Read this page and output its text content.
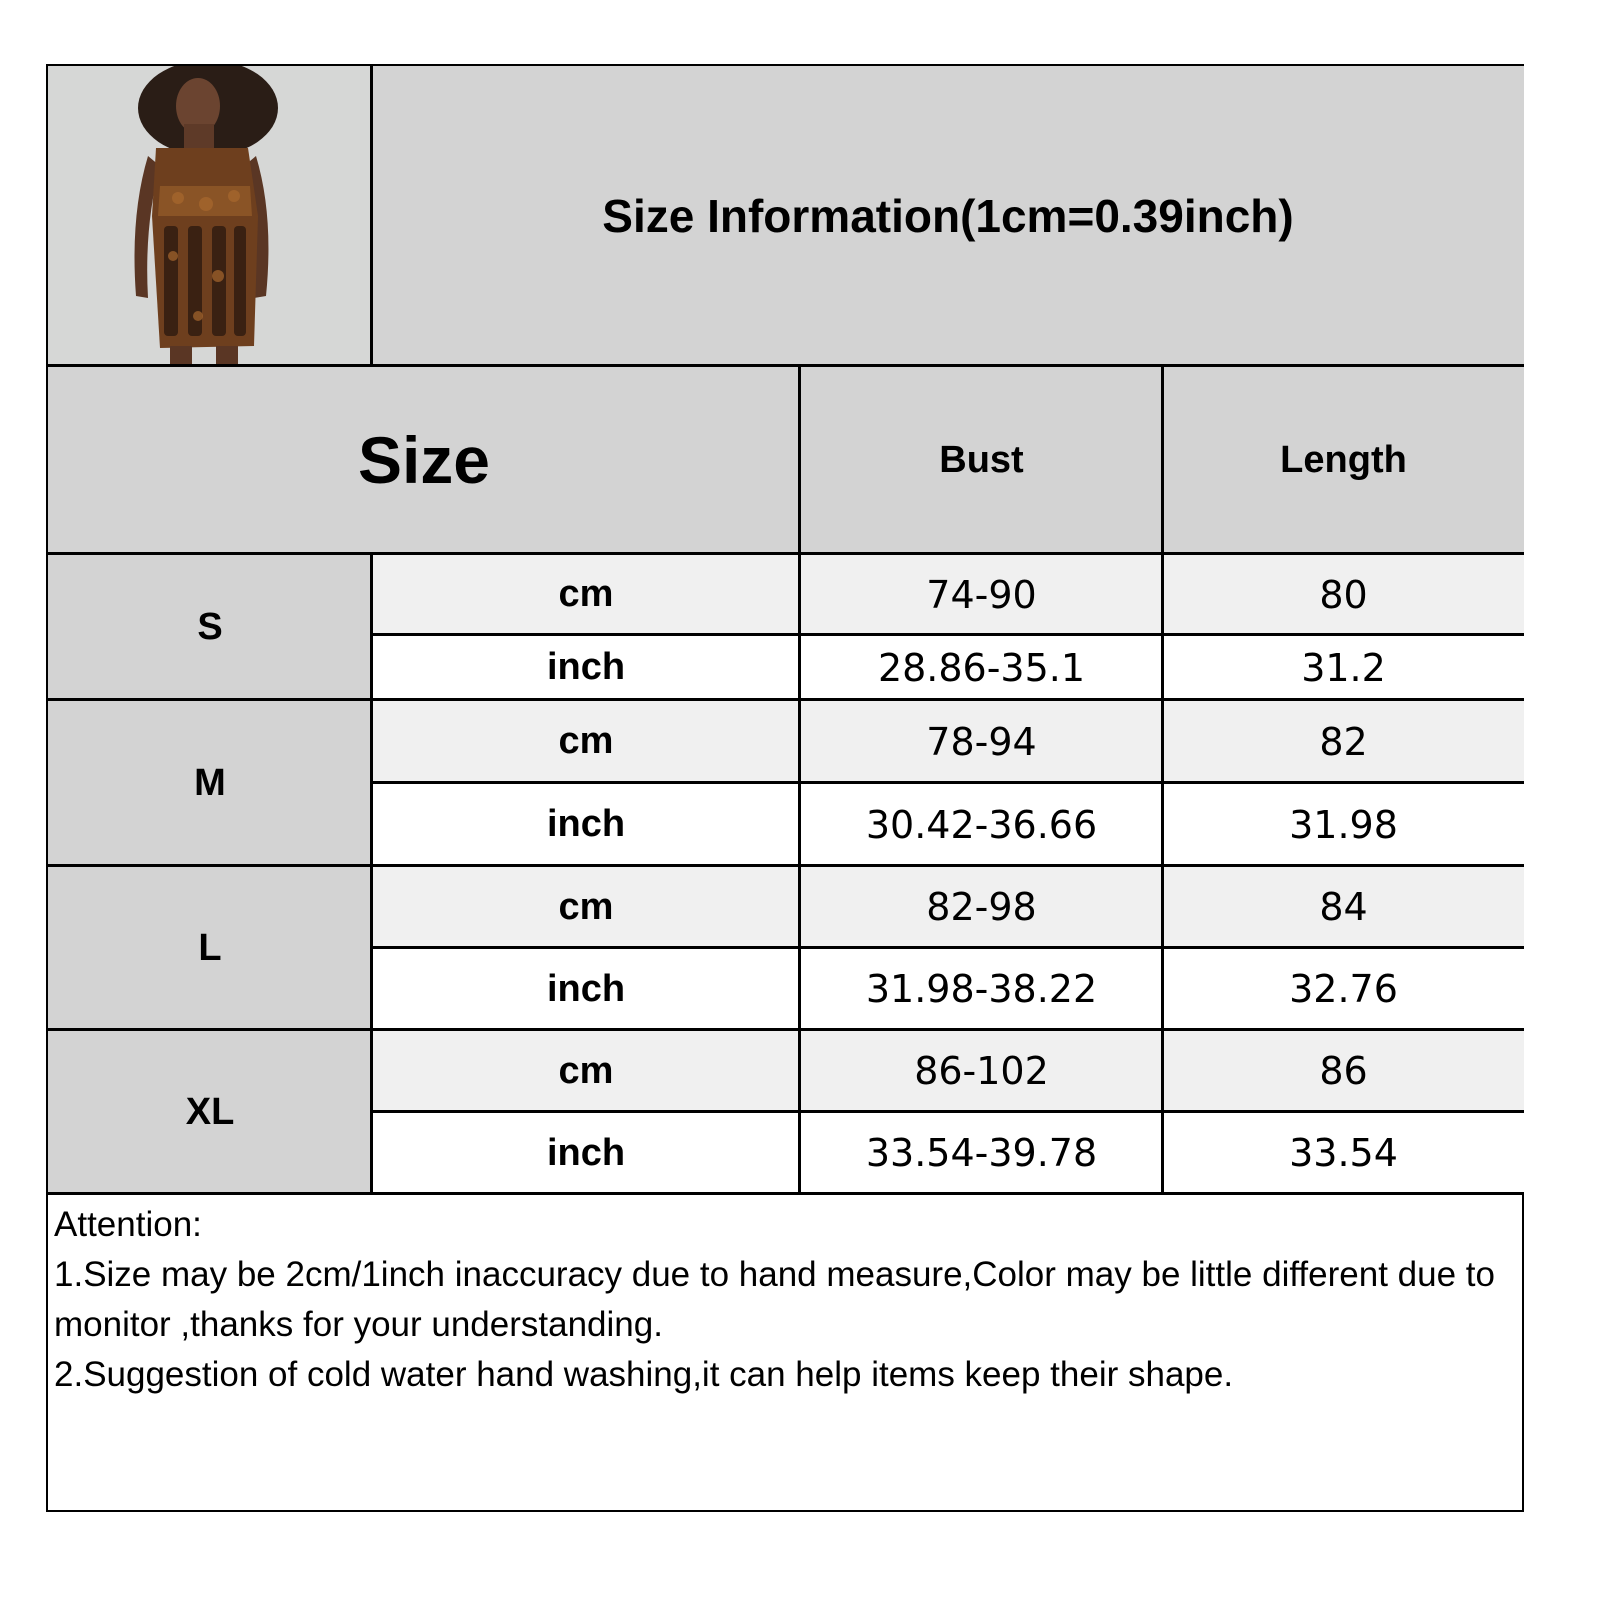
Size Information(1cm=0.39inch)
Size	Bust	Length
S
cm	74-90	80
inch	28.86-35.1	31.2
M
cm	78-94	82
inch	30.42-36.66	31.98
L
cm	82-98	84
inch	31.98-38.22	32.76
XL
cm	86-102	86
inch	33.54-39.78	33.54
Attention:
1.Size may be 2cm/1inch inaccuracy due to hand measure,Color may be little different due to monitor ,thanks for your understanding.
2.Suggestion of cold water hand washing,it can help items keep their shape.
